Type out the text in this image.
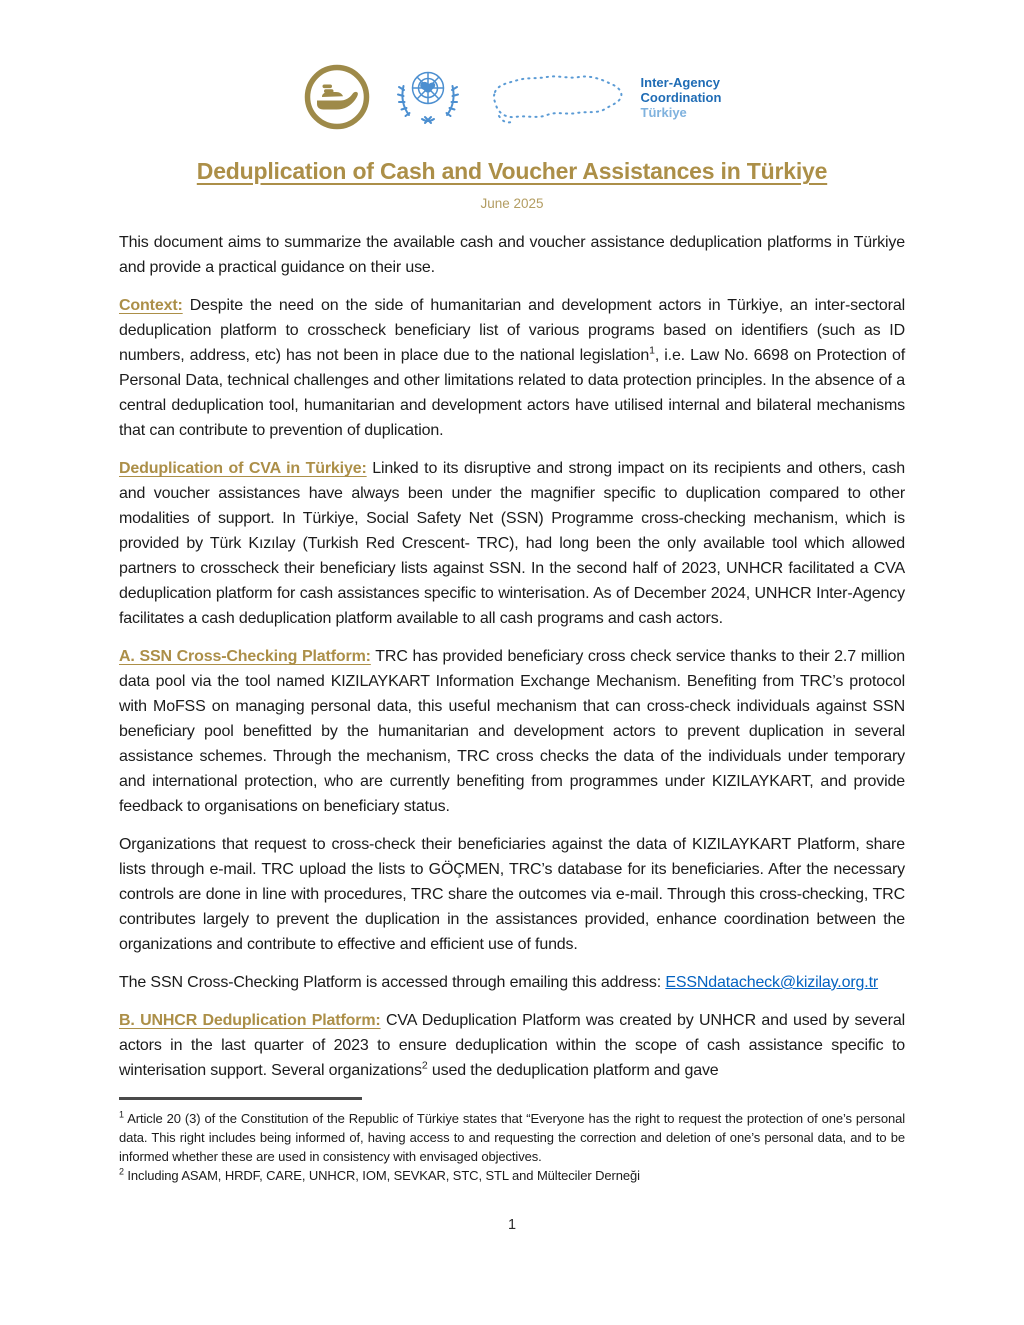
Inter-Agency
Coordination
Türkiye
Deduplication of Cash and Voucher Assistances in Türkiye
June 2025

This document aims to summarize the available cash and voucher assistance deduplication platforms in Türkiye and provide a practical guidance on their use.

Context: Despite the need on the side of humanitarian and development actors in Türkiye, an inter-sectoral deduplication platform to crosscheck beneficiary list of various programs based on identifiers (such as ID numbers, address, etc) has not been in place due to the national legislation$^1$, i.e. Law No. 6698 on Protection of Personal Data, technical challenges and other limitations related to data protection principles. In the absence of a central deduplication tool, humanitarian and development actors have utilised internal and bilateral mechanisms that can contribute to prevention of duplication.

Deduplication of CVA in Türkiye: Linked to its disruptive and strong impact on its recipients and others, cash and voucher assistances have always been under the magnifier specific to duplication compared to other modalities of support. In Türkiye, Social Safety Net (SSN) Programme cross-checking mechanism, which is provided by Türk Kızılay (Turkish Red Crescent- TRC), had long been the only available tool which allowed partners to crosscheck their beneficiary lists against SSN. In the second half of 2023, UNHCR facilitated a CVA deduplication platform for cash assistances specific to winterisation. As of December 2024, UNHCR Inter-Agency facilitates a cash deduplication platform available to all cash programs and cash actors.

A. SSN Cross-Checking Platform: TRC has provided beneficiary cross check service thanks to their 2.7 million data pool via the tool named KIZILAYKART Information Exchange Mechanism. Benefiting from TRC’s protocol with MoFSS on managing personal data, this useful mechanism that can cross-check individuals against SSN beneficiary pool benefitted by the humanitarian and development actors to prevent duplication in several assistance schemes. Through the mechanism, TRC cross checks the data of the individuals under temporary and international protection, who are currently benefiting from programmes under KIZILAYKART, and provide feedback to organisations on beneficiary status.

Organizations that request to cross-check their beneficiaries against the data of KIZILAYKART Platform, share lists through e-mail. TRC upload the lists to GÖÇMEN, TRC’s database for its beneficiaries. After the necessary controls are done in line with procedures, TRC share the outcomes via e-mail. Through this cross-checking, TRC contributes largely to prevent the duplication in the assistances provided, enhance coordination between the organizations and contribute to effective and efficient use of funds.

The SSN Cross-Checking Platform is accessed through emailing this address: ESSNdatacheck@kizilay.org.tr

B. UNHCR Deduplication Platform: CVA Deduplication Platform was created by UNHCR and used by several actors in the last quarter of 2023 to ensure deduplication within the scope of cash assistance specific to winterisation support. Several organizations$^2$ used the deduplication platform and gave

$^1$ Article 20 (3) of the Constitution of the Republic of Türkiye states that “Everyone has the right to request the protection of one’s personal data. This right includes being informed of, having access to and requesting the correction and deletion of one’s personal data, and to be informed whether these are used in consistency with envisaged objectives.
$^2$ Including ASAM, HRDF, CARE, UNHCR, IOM, SEVKAR, STC, STL and Mülteciler Derneği
1
